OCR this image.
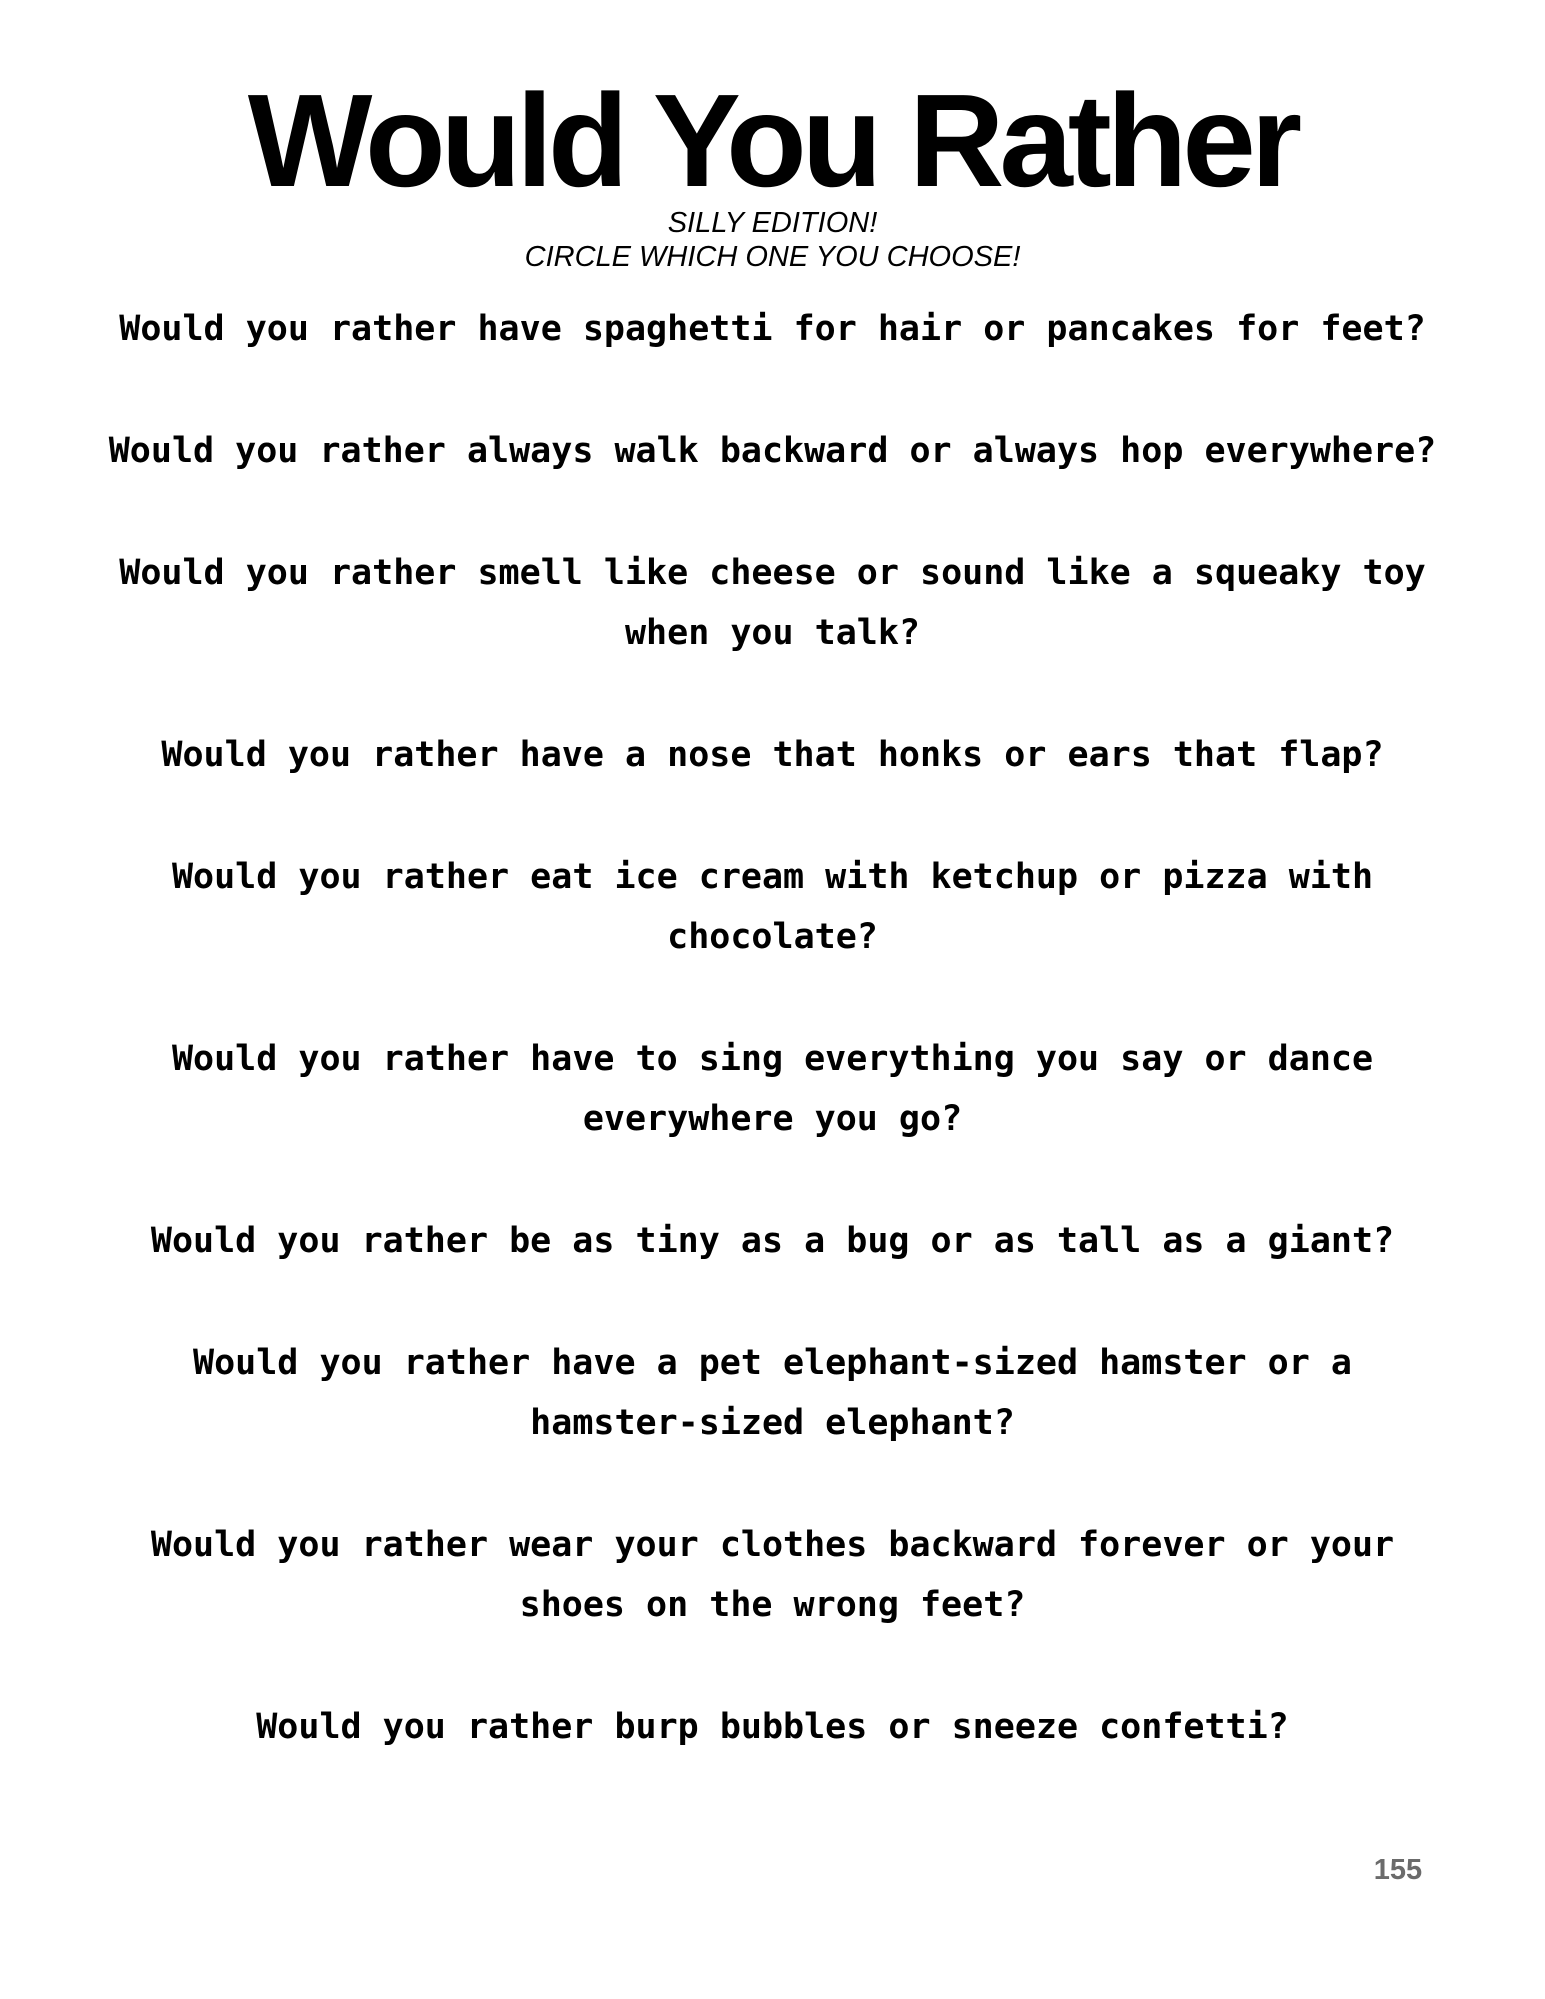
Would You Rather

SILLY EDITION!

CIRCLE WHICH ONE YOU CHOOSE!

Would you rather have spaghetti for hair or pancakes for feet?
Would you rather always walk backward or always hop everywhere?
Would you rather smell like cheese or sound like a squeaky toy when you talk?
Would you rather have a nose that honks or ears that flap?
Would you rather eat ice cream with ketchup or pizza with chocolate?
Would you rather have to sing everything you say or dance everywhere you go?
Would you rather be as tiny as a bug or as tall as a giant?
Would you rather have a pet elephant-sized hamster or a hamster-sized elephant?
Would you rather wear your clothes backward forever or your shoes on the wrong feet?
Would you rather burp bubbles or sneeze confetti?
155
